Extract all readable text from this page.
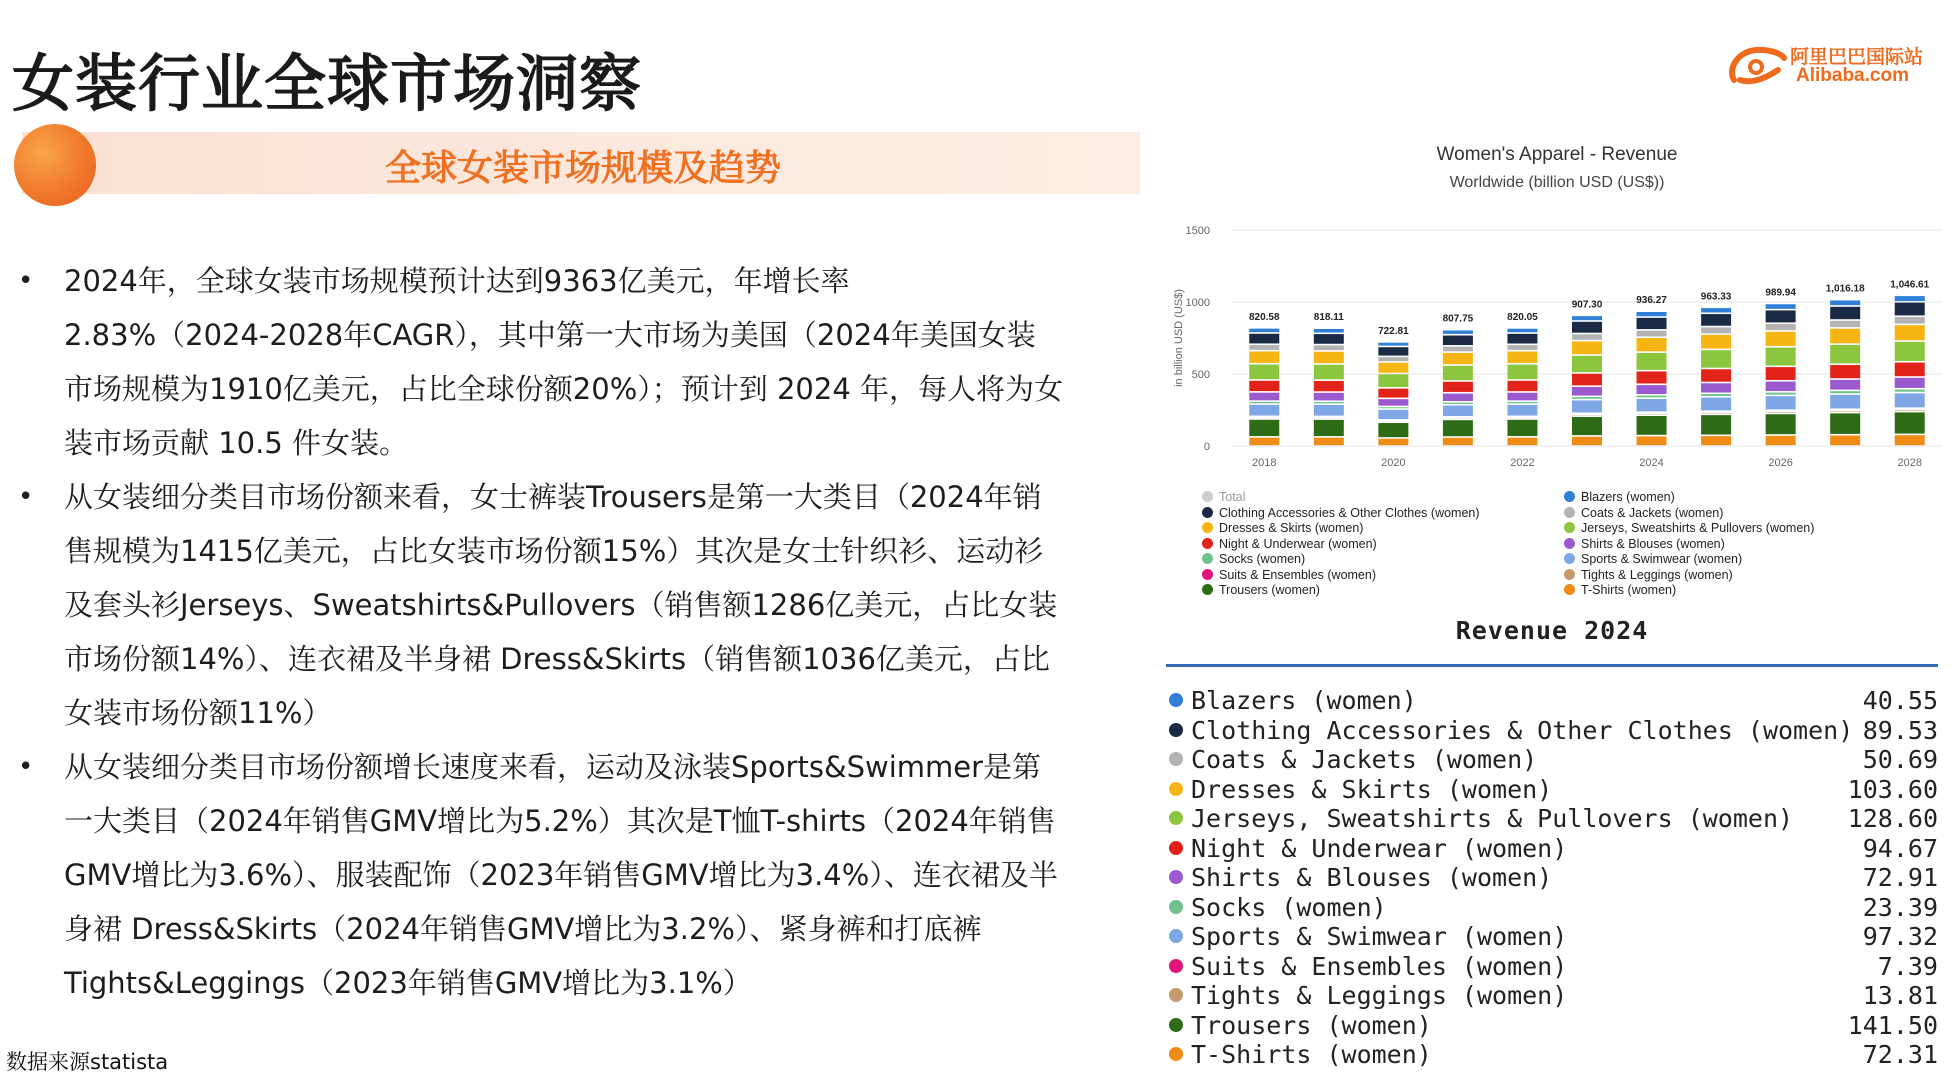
女装行业全球市场洞察	阿里巴巴国际站
Alibaba.com
全球女装市场规模及趋势
• 2024年，全球女装市场规模预计达到9363亿美元，年增长率 2.83%（2024-2028年CAGR），其中第一大市场为美国（2024年美国女装市场规模为1910亿美元，占比全球份额20%）；预计到 2024 年，每人将为女装市场贡献 10.5 件女装。
• 从女装细分类目市场份额来看，女士裤装Trousers是第一大类目（2024年销售规模为1415亿美元，占比女装市场份额15%）其次是女士针织衫、运动衫及套头衫Jerseys、Sweatshirts&Pullovers（销售额1286亿美元，占比女装市场份额14%）、连衣裙及半身裙 Dress&Skirts（销售额1036亿美元，占比女装市场份额11%）
• 从女装细分类目市场份额增长速度来看，运动及泳装Sports&Swimmer是第一大类目（2024年销售GMV增比为5.2%）其次是T恤T-shirts（2024年销售GMV增比为3.6%）、服装配饰（2023年销售GMV增比为3.4%）、连衣裙及半身裙 Dress&Skirts（2024年销售GMV增比为3.2%）、紧身裤和打底裤Tights&Leggings（2023年销售GMV增比为3.1%）
数据来源statista
0
500
1000
1500
in billion USD (US$)	820.58
2018
818.11
722.81
2020
807.75	820.05
2022
907.30	936.27
2024
963.33	989.94
2026
1,016.18	1,046.61
2028
Women's Apparel - Revenue
Worldwide (billion USD (US$))
Total
Clothing Accessories & Other Clothes (women)
Dresses & Skirts (women)
Night & Underwear (women)
Socks (women)
Suits & Ensembles (women)
Trousers (women)
Blazers (women)
Coats & Jackets (women)
Jerseys, Sweatshirts & Pullovers (women)
Shirts & Blouses (women)
Sports & Swimwear (women)
Tights & Leggings (women)
T-Shirts (women)
Revenue 2024
Blazers (women)	40.55
Clothing Accessories & Other Clothes (women) 89.53
Coats & Jackets (women)	50.69
Dresses & Skirts (women)	103.60
Jerseys, Sweatshirts & Pullovers (women) 128.60
Night & Underwear (women)	94.67
Shirts & Blouses (women)	72.91
Socks (women)	23.39
Sports & Swimwear (women)	97.32
Suits & Ensembles (women)	7.39
Tights & Leggings (women)	13.81
Trousers (women)	141.50
T-Shirts (women)	72.31
